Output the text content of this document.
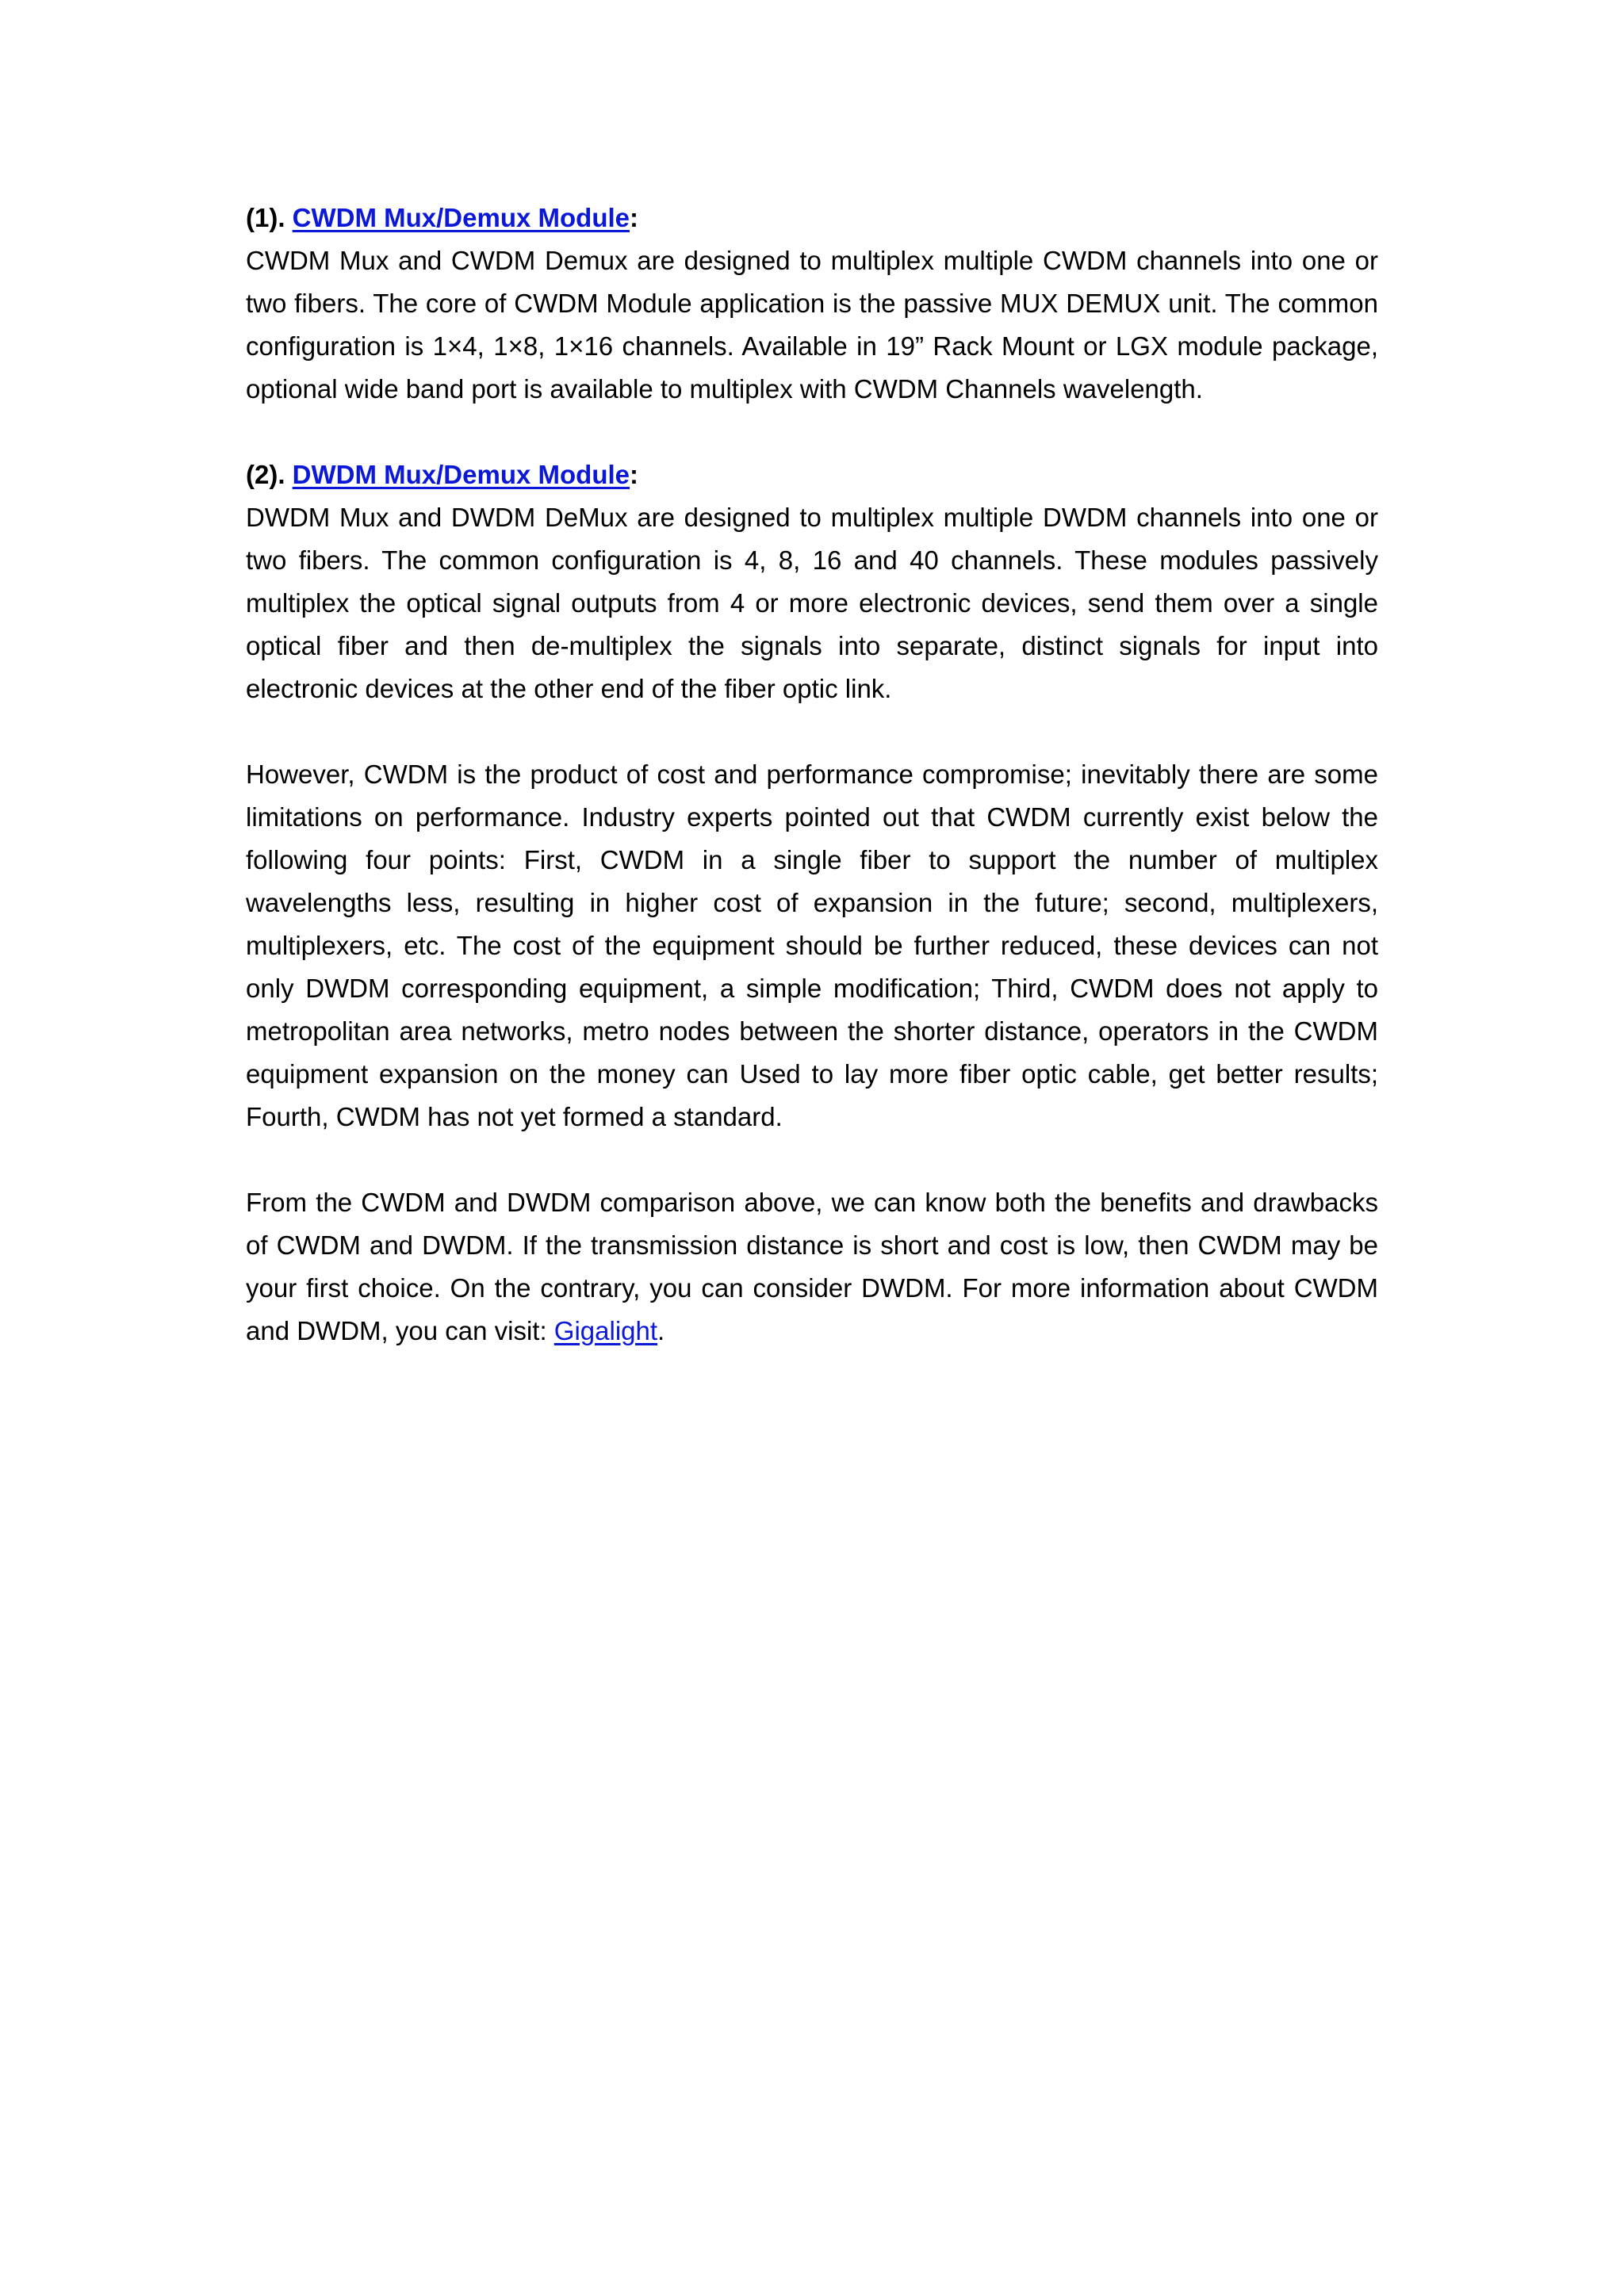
(1). CWDM Mux/Demux Module:

CWDM Mux and CWDM Demux are designed to multiplex multiple CWDM channels into one or two fibers. The core of CWDM Module application is the passive MUX DEMUX unit. The common configuration is 1×4, 1×8, 1×16 channels. Available in 19” Rack Mount or LGX module package, optional wide band port is available to multiplex with CWDM Channels wavelength.

(2). DWDM Mux/Demux Module:

DWDM Mux and DWDM DeMux are designed to multiplex multiple DWDM channels into one or two fibers. The common configuration is 4, 8, 16 and 40 channels. These modules passively multiplex the optical signal outputs from 4 or more electronic devices, send them over a single optical fiber and then de-multiplex the signals into separate, distinct signals for input into electronic devices at the other end of the fiber optic link.

However, CWDM is the product of cost and performance compromise; inevitably there are some limitations on performance. Industry experts pointed out that CWDM currently exist below the following four points: First, CWDM in a single fiber to support the number of multiplex wavelengths less, resulting in higher cost of expansion in the future; second, multiplexers, multiplexers, etc. The cost of the equipment should be further reduced, these devices can not only DWDM corresponding equipment, a simple modification; Third, CWDM does not apply to metropolitan area networks, metro nodes between the shorter distance, operators in the CWDM equipment expansion on the money can Used to lay more fiber optic cable, get better results; Fourth, CWDM has not yet formed a standard.

From the CWDM and DWDM comparison above, we can know both the benefits and drawbacks of CWDM and DWDM. If the transmission distance is short and cost is low, then CWDM may be your first choice. On the contrary, you can consider DWDM. For more information about CWDM and DWDM, you can visit: Gigalight.
